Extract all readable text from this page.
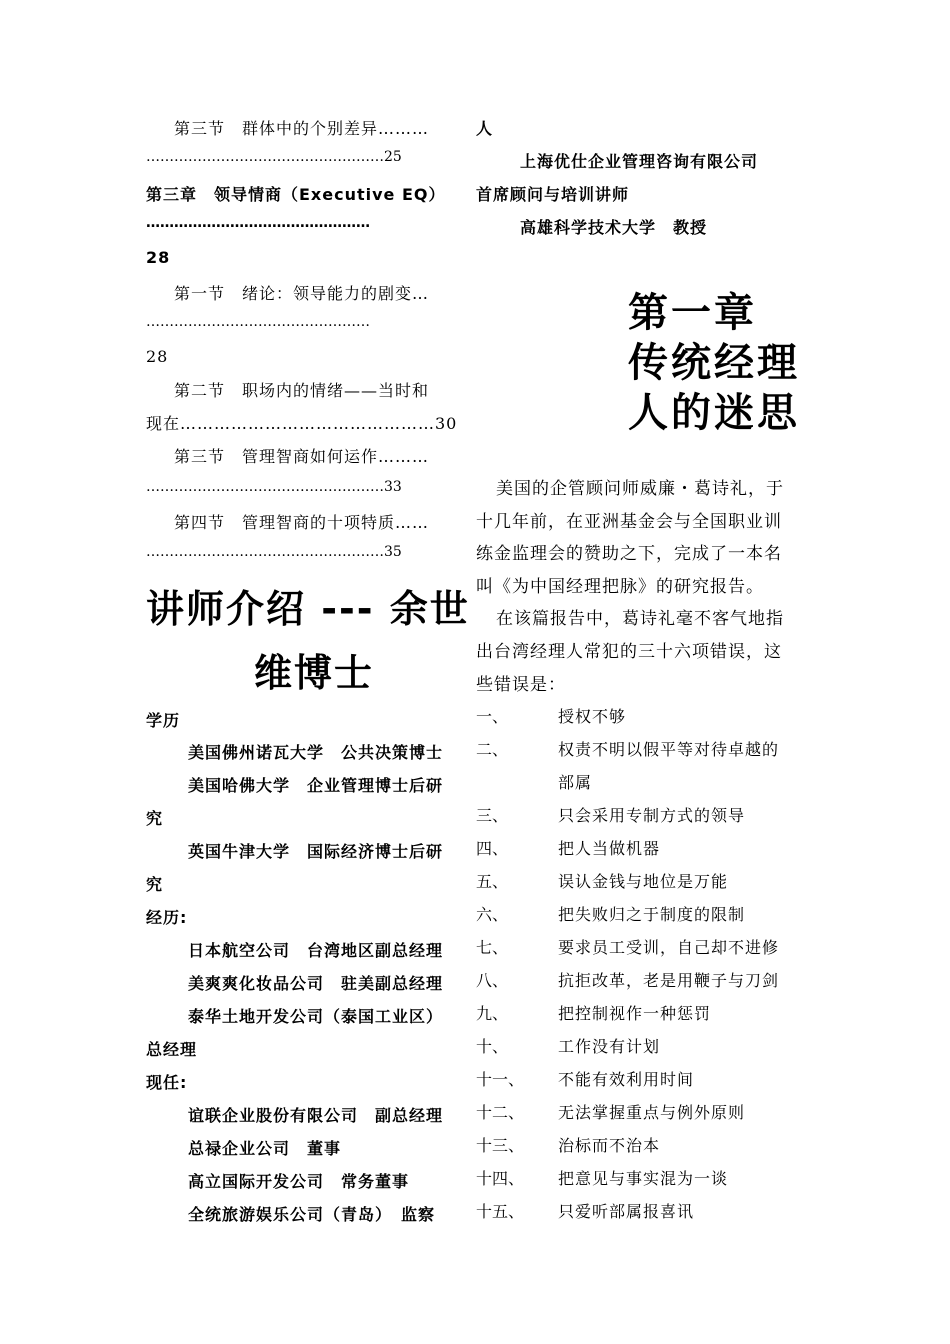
第三节　群体中的个别差异………
……………………………………………25
第三章　领导情商（Executive EQ）
…………………………………………
28
第一节　绪论：领导能力的剧变…
…………………………………………
28
第二节　职场内的情绪——当时和
现在………………………………………30
第三节　管理智商如何运作………
……………………………………………33
第四节　管理智商的十项特质……
……………………………………………35
讲师介绍 --- 余世
维博士
学历
美国佛州诺瓦大学　公共决策博士
美国哈佛大学　企业管理博士后研
究
英国牛津大学　国际经济博士后研
究
经历:
日本航空公司　台湾地区副总经理
美爽爽化妆品公司　驻美副总经理
泰华土地开发公司（泰国工业区）
总经理
现任:
谊联企业股份有限公司　副总经理
总禄企业公司　董事
高立国际开发公司　常务董事
全统旅游娱乐公司（青岛）　监察
人
上海优仕企业管理咨询有限公司
首席顾问与培训讲师
高雄科学技术大学　教授
第一章
传统经理
人的迷思
美国的企管顾问师威廉・葛诗礼，于
十几年前，在亚洲基金会与全国职业训
练金监理会的赞助之下，完成了一本名
叫《为中国经理把脉》的研究报告。
在该篇报告中，葛诗礼毫不客气地指
出台湾经理人常犯的三十六项错误，这
些错误是：
一、	授权不够
二、	权责不明以假平等对待卓越的
部属
三、	只会采用专制方式的领导
四、	把人当做机器
五、	误认金钱与地位是万能
六、	把失败归之于制度的限制
七、	要求员工受训，自己却不进修
八、	抗拒改革，老是用鞭子与刀剑
九、	把控制视作一种惩罚
十、	工作没有计划
十一、 不能有效利用时间
十二、 无法掌握重点与例外原则
十三、 治标而不治本
十四、 把意见与事实混为一谈
十五、 只爱听部属报喜讯
